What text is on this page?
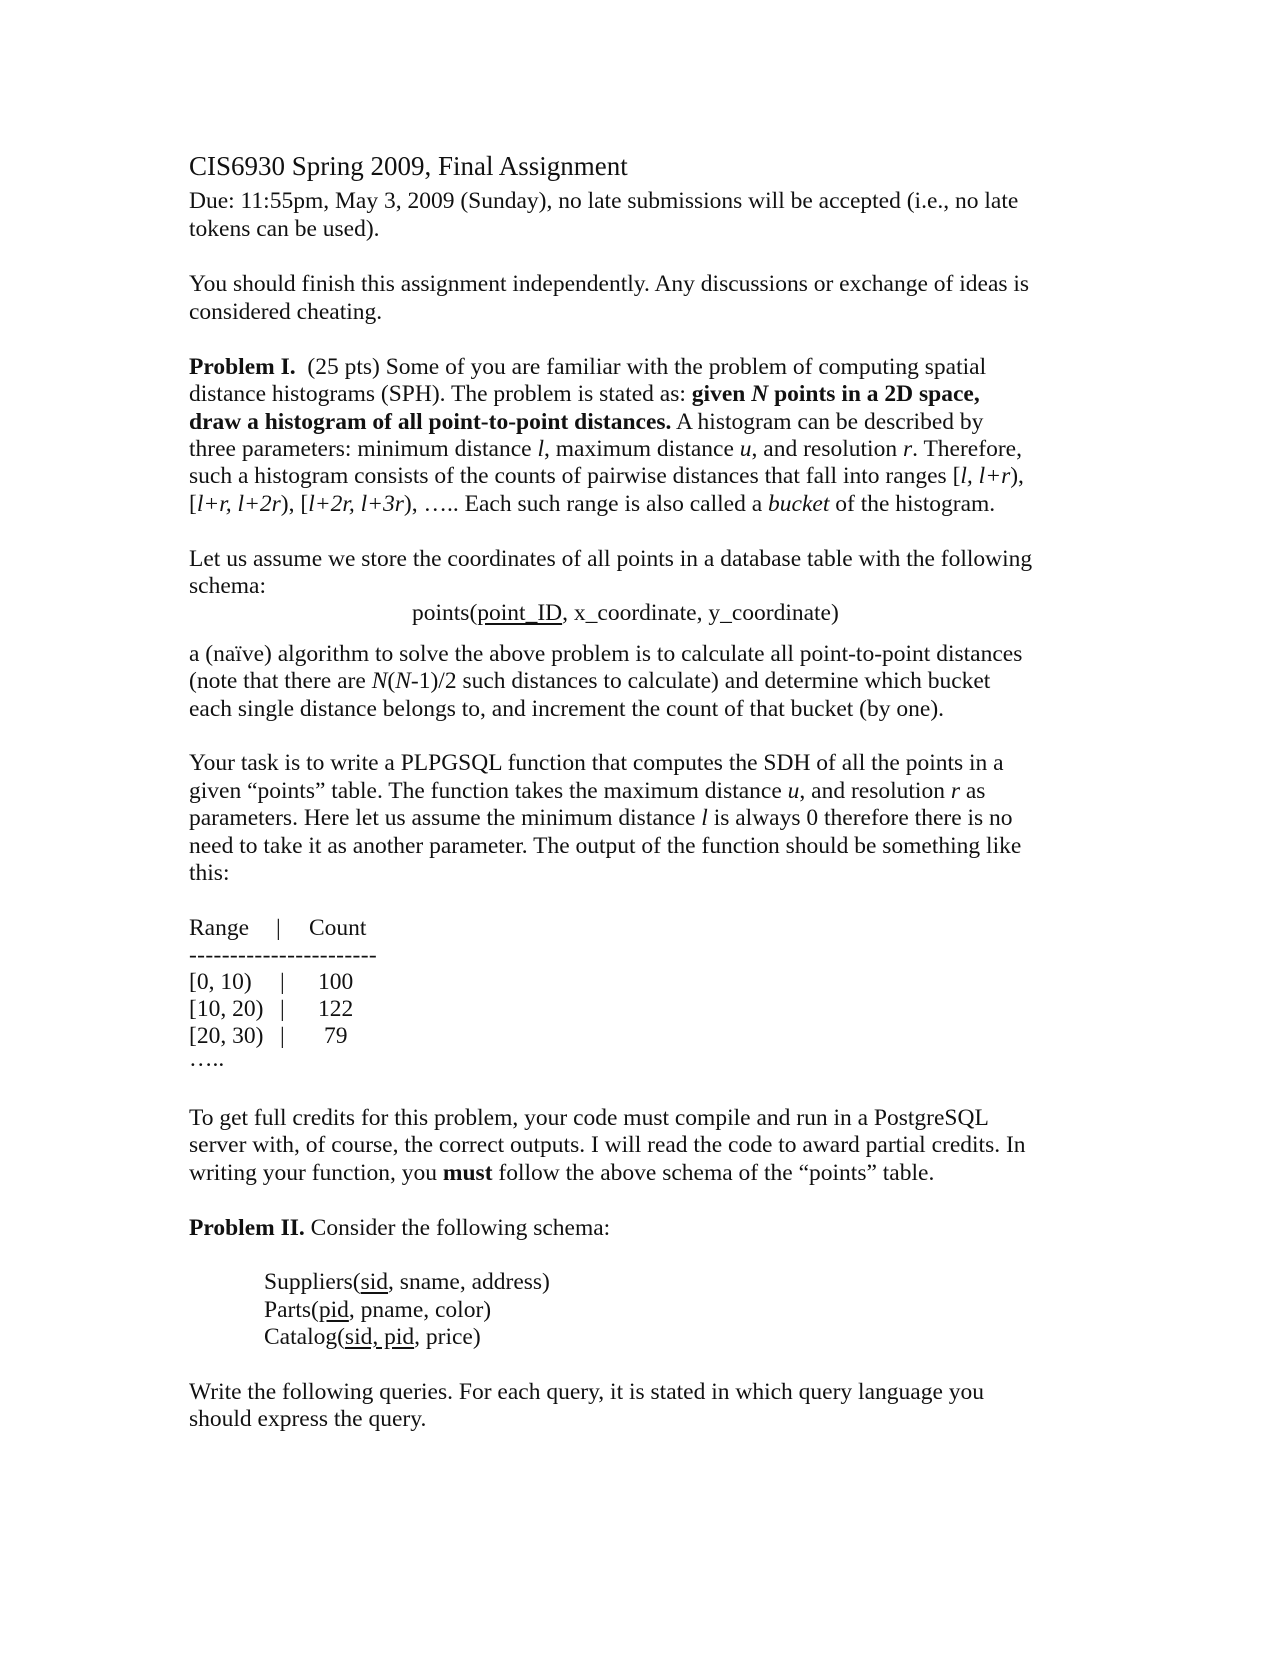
CIS6930 Spring 2009, Final Assignment

Due: 11:55pm, May 3, 2009 (Sunday), no late submissions will be accepted (i.e., no late

tokens can be used).

You should finish this assignment independently. Any discussions or exchange of ideas is

considered cheating.

Problem I. (25 pts) Some of you are familiar with the problem of computing spatial

distance histograms (SPH). The problem is stated as: given N points in a 2D space,

draw a histogram of all point-to-point distances. A histogram can be described by

three parameters: minimum distance l, maximum distance u, and resolution r. Therefore,

such a histogram consists of the counts of pairwise distances that fall into ranges [l, l+r),

[l+r, l+2r), [l+2r, l+3r), ….. Each such range is also called a bucket of the histogram.

Let us assume we store the coordinates of all points in a database table with the following

schema:

points(point_ID, x_coordinate, y_coordinate)

a (naïve) algorithm to solve the above problem is to calculate all point-to-point distances

(note that there are N(N-1)/2 such distances to calculate) and determine which bucket

each single distance belongs to, and increment the count of that bucket (by one).

Your task is to write a PLPGSQL function that computes the SDH of all the points in a

given “points” table. The function takes the maximum distance u, and resolution r as

parameters. Here let us assume the minimum distance l is always 0 therefore there is no

need to take it as another parameter. The output of the function should be something like

this:

Range | Count
-----------------------
[0, 10) | 100
[10, 20) | 122
[20, 30) | 79
…..

To get full credits for this problem, your code must compile and run in a PostgreSQL

server with, of course, the correct outputs. I will read the code to award partial credits. In

writing your function, you must follow the above schema of the “points” table.

Problem II. Consider the following schema:

Suppliers(sid, sname, address)

Parts(pid, pname, color)

Catalog(sid, pid, price)

Write the following queries. For each query, it is stated in which query language you

should express the query.
